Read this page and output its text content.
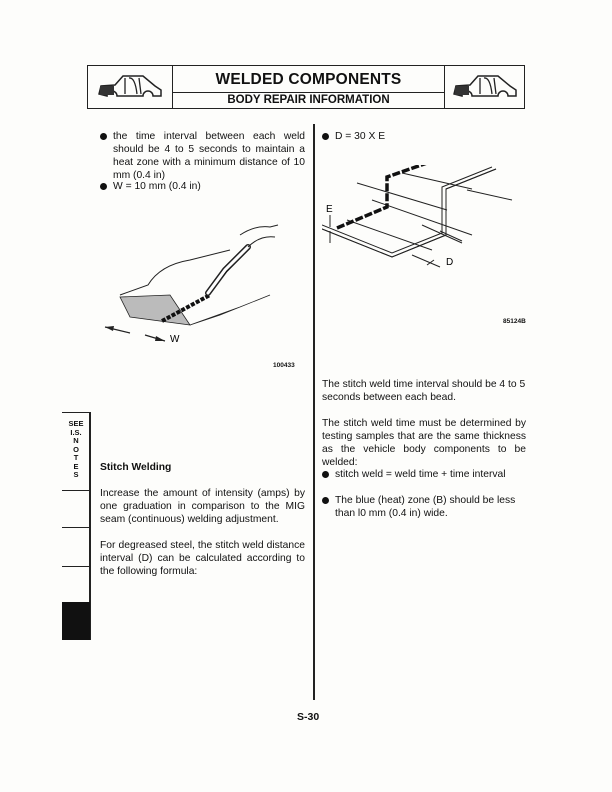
WELDED COMPONENTS
BODY REPAIR INFORMATION
the time interval between each weld should be 4 to 5 seconds to maintain a heat zone with a minimum distance of 10 mm (0.4 in)
W = 10 mm (0.4 in)
W
100433
Stitch Welding
Increase the amount of intensity (amps) by one graduation in comparison to the MIG seam (continuous) welding adjustment.
For degreased steel, the stitch weld distance interval (D) can be calculated according to the following formula:
SEE
I.S.
N
O
T
E
S
D = 30 X E
E
D
85124B
The stitch weld time interval should be 4 to 5 seconds between each bead.
The stitch weld time must be determined by testing samples that are the same thickness as the vehicle body components to be welded:
stitch weld = weld time + time interval
The blue (heat) zone (B) should be less than l0 mm (0.4 in) wide.
S-30
